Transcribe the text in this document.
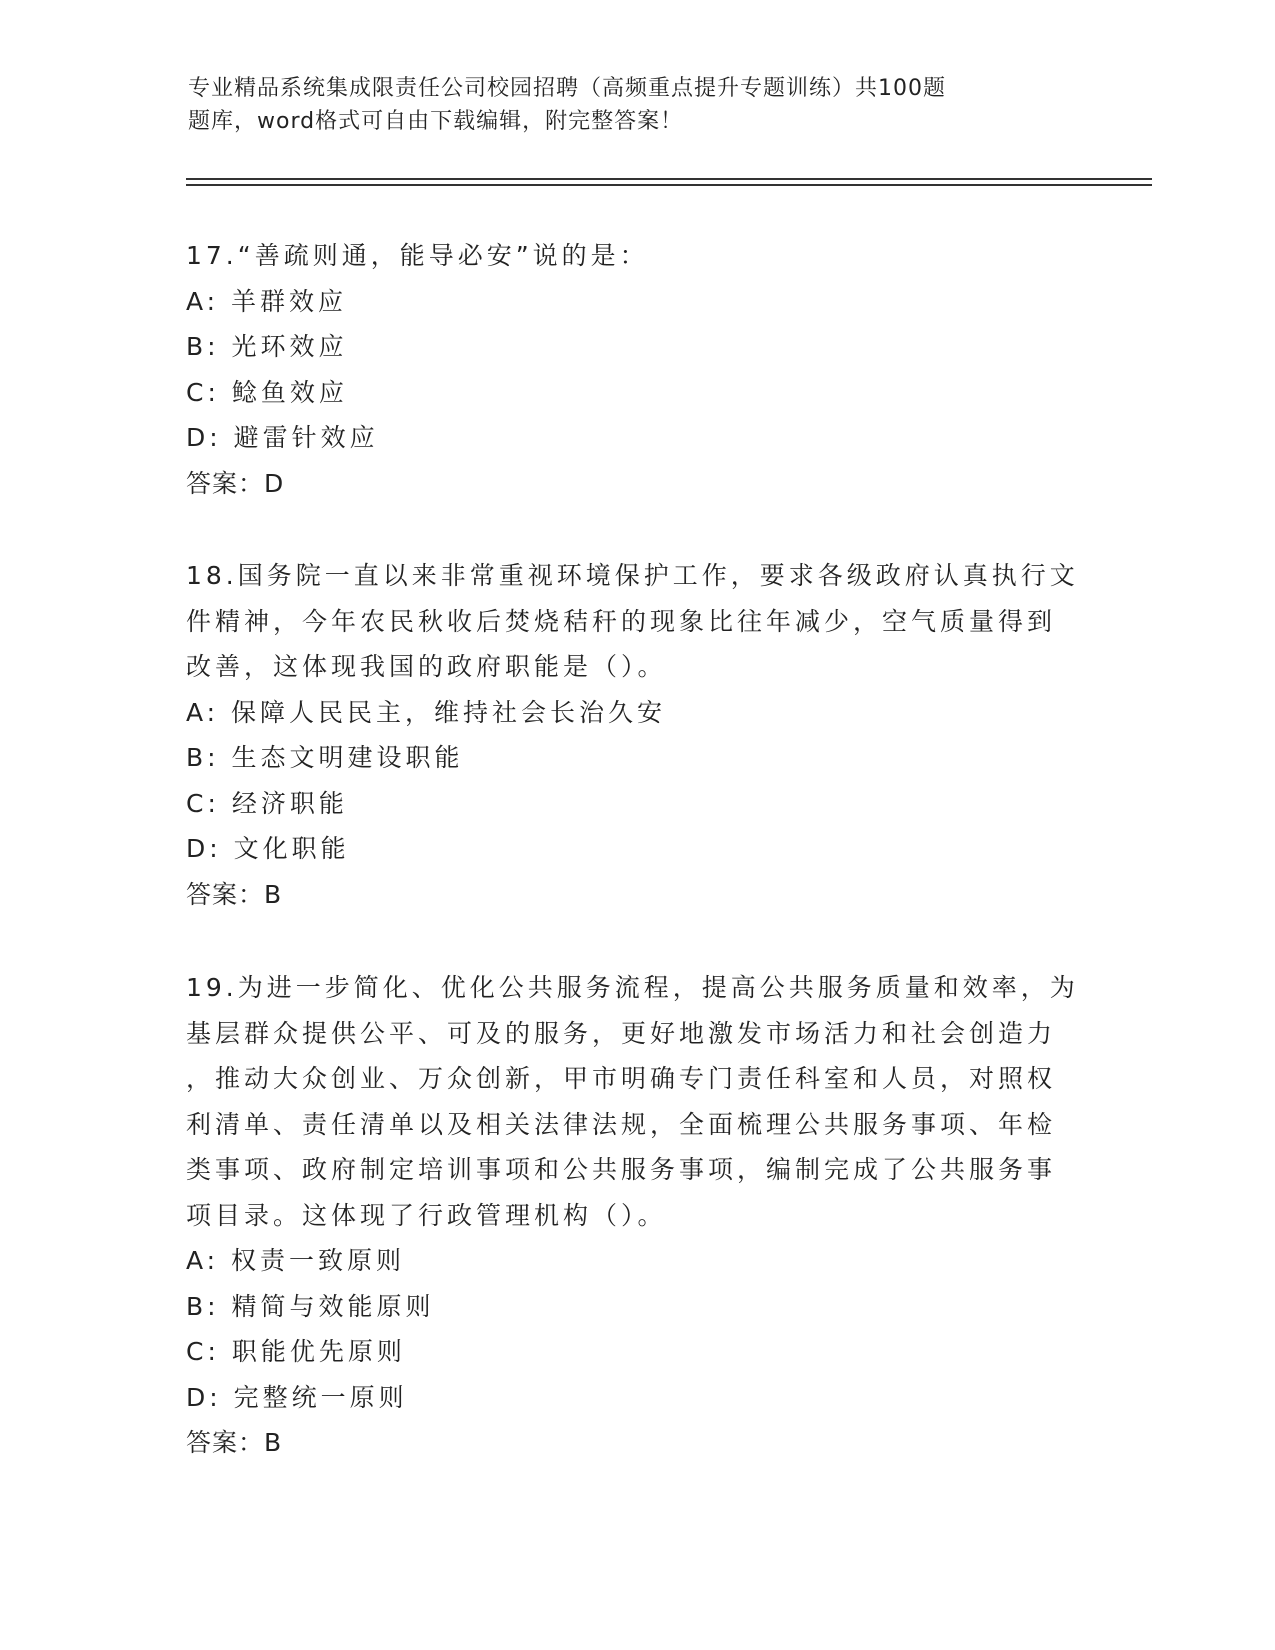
专业精品系统集成限责任公司校园招聘（高频重点提升专题训练）共100题
题库，word格式可自由下载编辑，附完整答案！
17.“善疏则通，能导必安”说的是：
A: 羊群效应
B: 光环效应
C: 鲶鱼效应
D: 避雷针效应
答案：D
18.国务院一直以来非常重视环境保护工作，要求各级政府认真执行文
件精神，今年农民秋收后焚烧秸秆的现象比往年减少，空气质量得到
改善，这体现我国的政府职能是（）。
A: 保障人民民主，维持社会长治久安
B: 生态文明建设职能
C: 经济职能
D: 文化职能
答案：B
19.为进一步简化、优化公共服务流程，提高公共服务质量和效率，为
基层群众提供公平、可及的服务，更好地激发市场活力和社会创造力
，推动大众创业、万众创新，甲市明确专门责任科室和人员，对照权
利清单、责任清单以及相关法律法规，全面梳理公共服务事项、年检
类事项、政府制定培训事项和公共服务事项，编制完成了公共服务事
项目录。这体现了行政管理机构（）。
A: 权责一致原则
B: 精简与效能原则
C: 职能优先原则
D: 完整统一原则
答案：B
